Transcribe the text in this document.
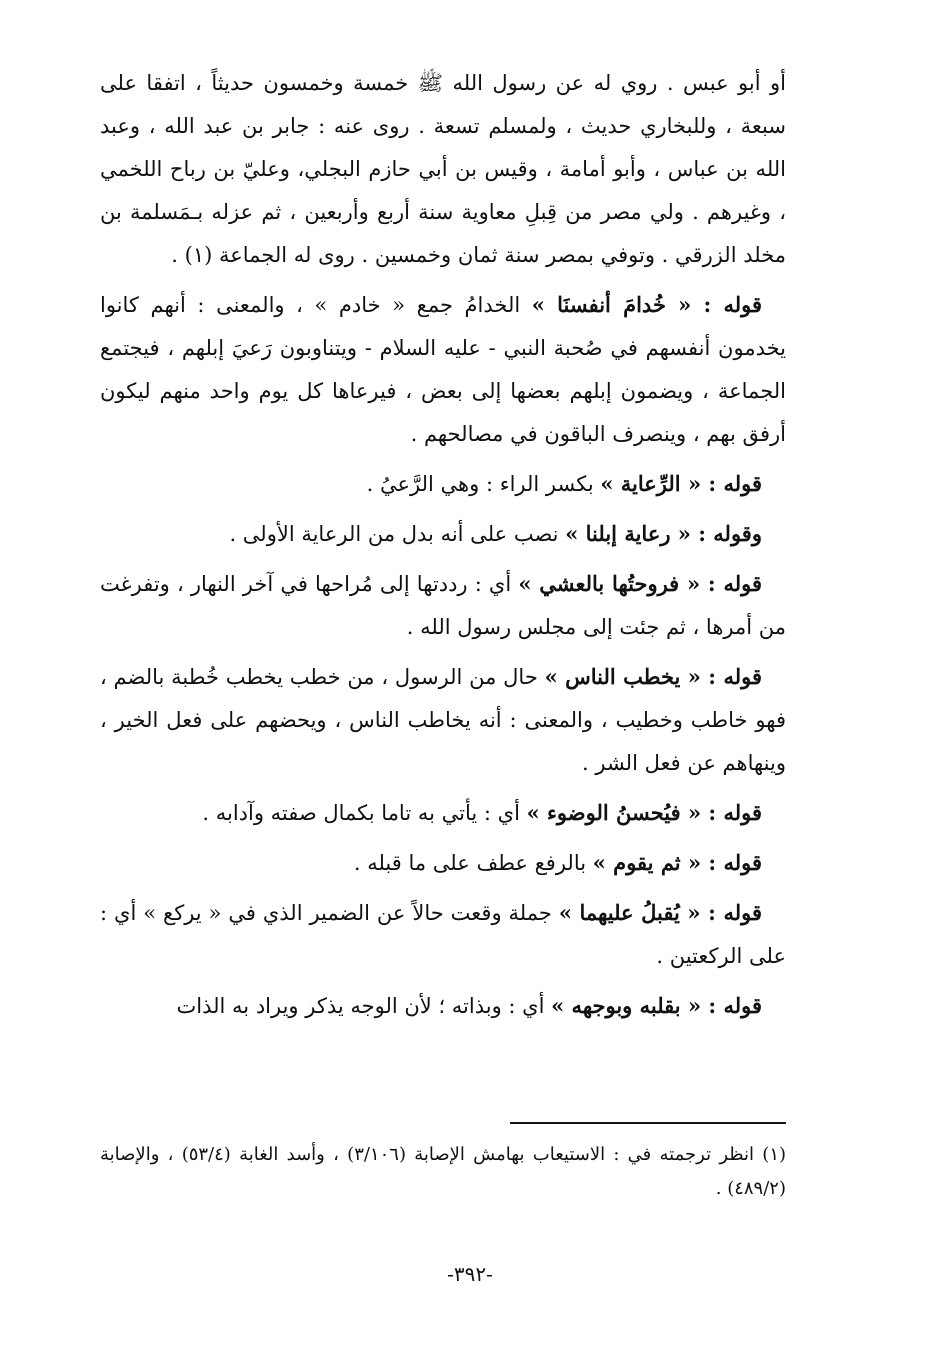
أو أبو عبس . روي له عن رسول الله ﷺ خمسة وخمسون حديثاً ، اتفقا على سبعة ، وللبخاري حديث ، ولمسلم تسعة . روى عنه : جابر بن عبد الله ، وعبد الله بن عباس ، وأبو أمامة ، وقيس بن أبي حازم البجلي، وعليّ بن رباح اللخمي ، وغيرهم . ولي مصر من قِبلِ معاوية سنة أربع وأربعين ، ثم عزله بـمَسلمة بن مخلد الزرقي . وتوفي بمصر سنة ثمان وخمسين . روى له الجماعة (١) .

قوله : « خُدامَ أنفسنَا » الخدامُ جمع « خادم » ، والمعنى : أنهم كانوا يخدمون أنفسهم في صُحبة النبي - عليه السلام - ويتناوبون رَعيَ إبلهم ، فيجتمع الجماعة ، ويضمون إبلهم بعضها إلى بعض ، فيرعاها كل يوم واحد منهم ليكون أرفق بهم ، وينصرف الباقون في مصالحهم .

قوله : « الرِّعاية » بكسر الراء : وهي الرَّعيُ .

وقوله : « رعاية إبلنا » نصب على أنه بدل من الرعاية الأولى .

قوله : « فروحتُها بالعشي » أي : رددتها إلى مُراحها في آخر النهار ، وتفرغت من أمرها ، ثم جئت إلى مجلس رسول الله .

قوله : « يخطب الناس » حال من الرسول ، من خطب يخطب خُطبة بالضم ، فهو خاطب وخطيب ، والمعنى : أنه يخاطب الناس ، ويحضهم على فعل الخير ، وينهاهم عن فعل الشر .

قوله : « فيُحسنُ الوضوء » أي : يأتي به تاما بكمال صفته وآدابه .

قوله : « ثم يقوم » بالرفع عطف على ما قبله .

قوله : « يُقبلُ عليهما » جملة وقعت حالاً عن الضمير الذي في « يركع » أي : على الركعتين .

قوله : « بقلبه وبوجهه » أي : وبذاته ؛ لأن الوجه يذكر ويراد به الذات

(١) انظر ترجمته في : الاستيعاب بهامش الإصابة (٣/١٠٦) ، وأسد الغابة (٥٣/٤) ، والإصابة (٤٨٩/٢) .

-٣٩٢-
